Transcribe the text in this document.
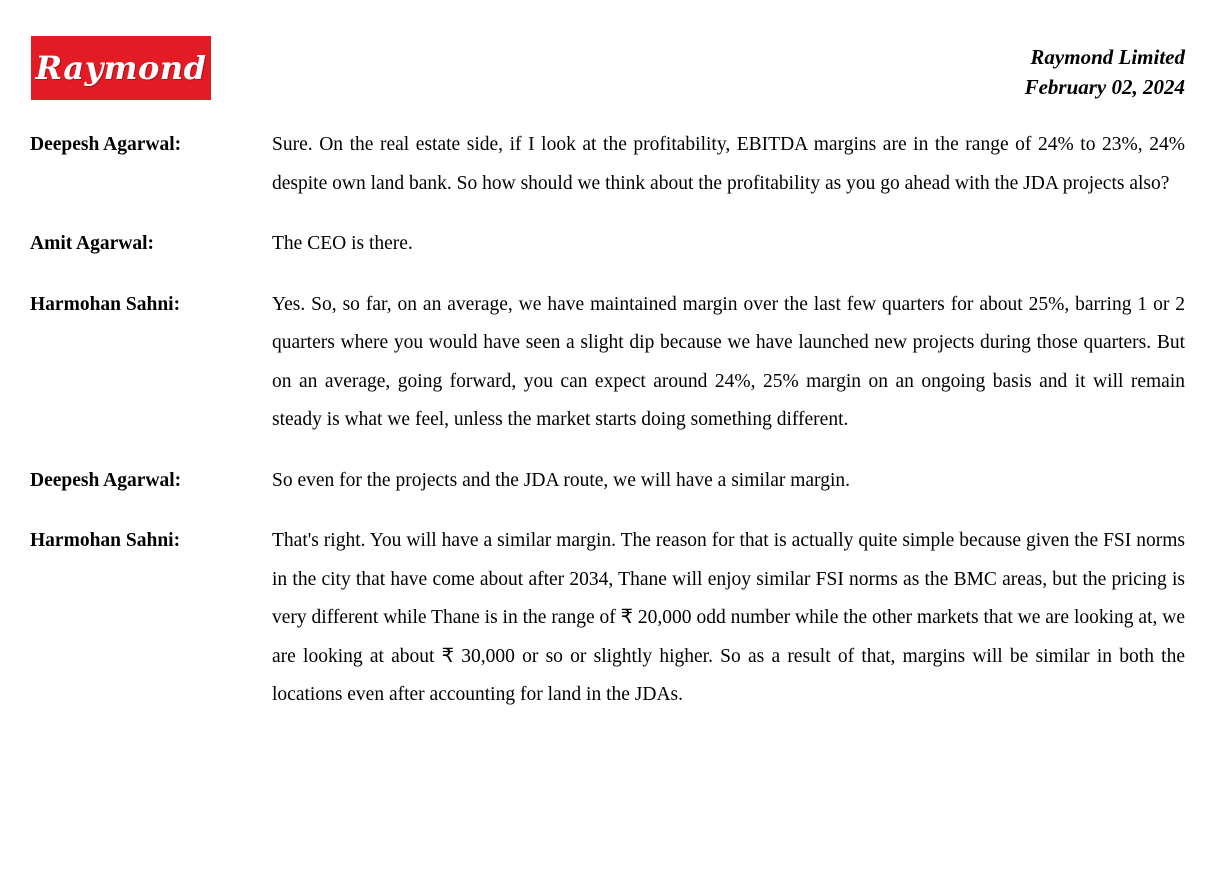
Raymond	Raymond Limited
February 02, 2024
Deepesh Agarwal:	Sure. On the real estate side, if I look at the profitability, EBITDA margins are in the range of 24% to 23%, 24% despite own land bank. So how should we think about the profitability as you go ahead with the JDA projects also?
Amit Agarwal:	The CEO is there.
Harmohan Sahni:	Yes. So, so far, on an average, we have maintained margin over the last few quarters for about 25%, barring 1 or 2 quarters where you would have seen a slight dip because we have launched new projects during those quarters. But on an average, going forward, you can expect around 24%, 25% margin on an ongoing basis and it will remain steady is what we feel, unless the market starts doing something different.
Deepesh Agarwal:	So even for the projects and the JDA route, we will have a similar margin.
Harmohan Sahni:	That's right. You will have a similar margin. The reason for that is actually quite simple because given the FSI norms in the city that have come about after 2034, Thane will enjoy similar FSI norms as the BMC areas, but the pricing is very different while Thane is in the range of ₹ 20,000 odd number while the other markets that we are looking at, we are looking at about ₹ 30,000 or so or slightly higher. So as a result of that, margins will be similar in both the locations even after accounting for land in the JDAs.
